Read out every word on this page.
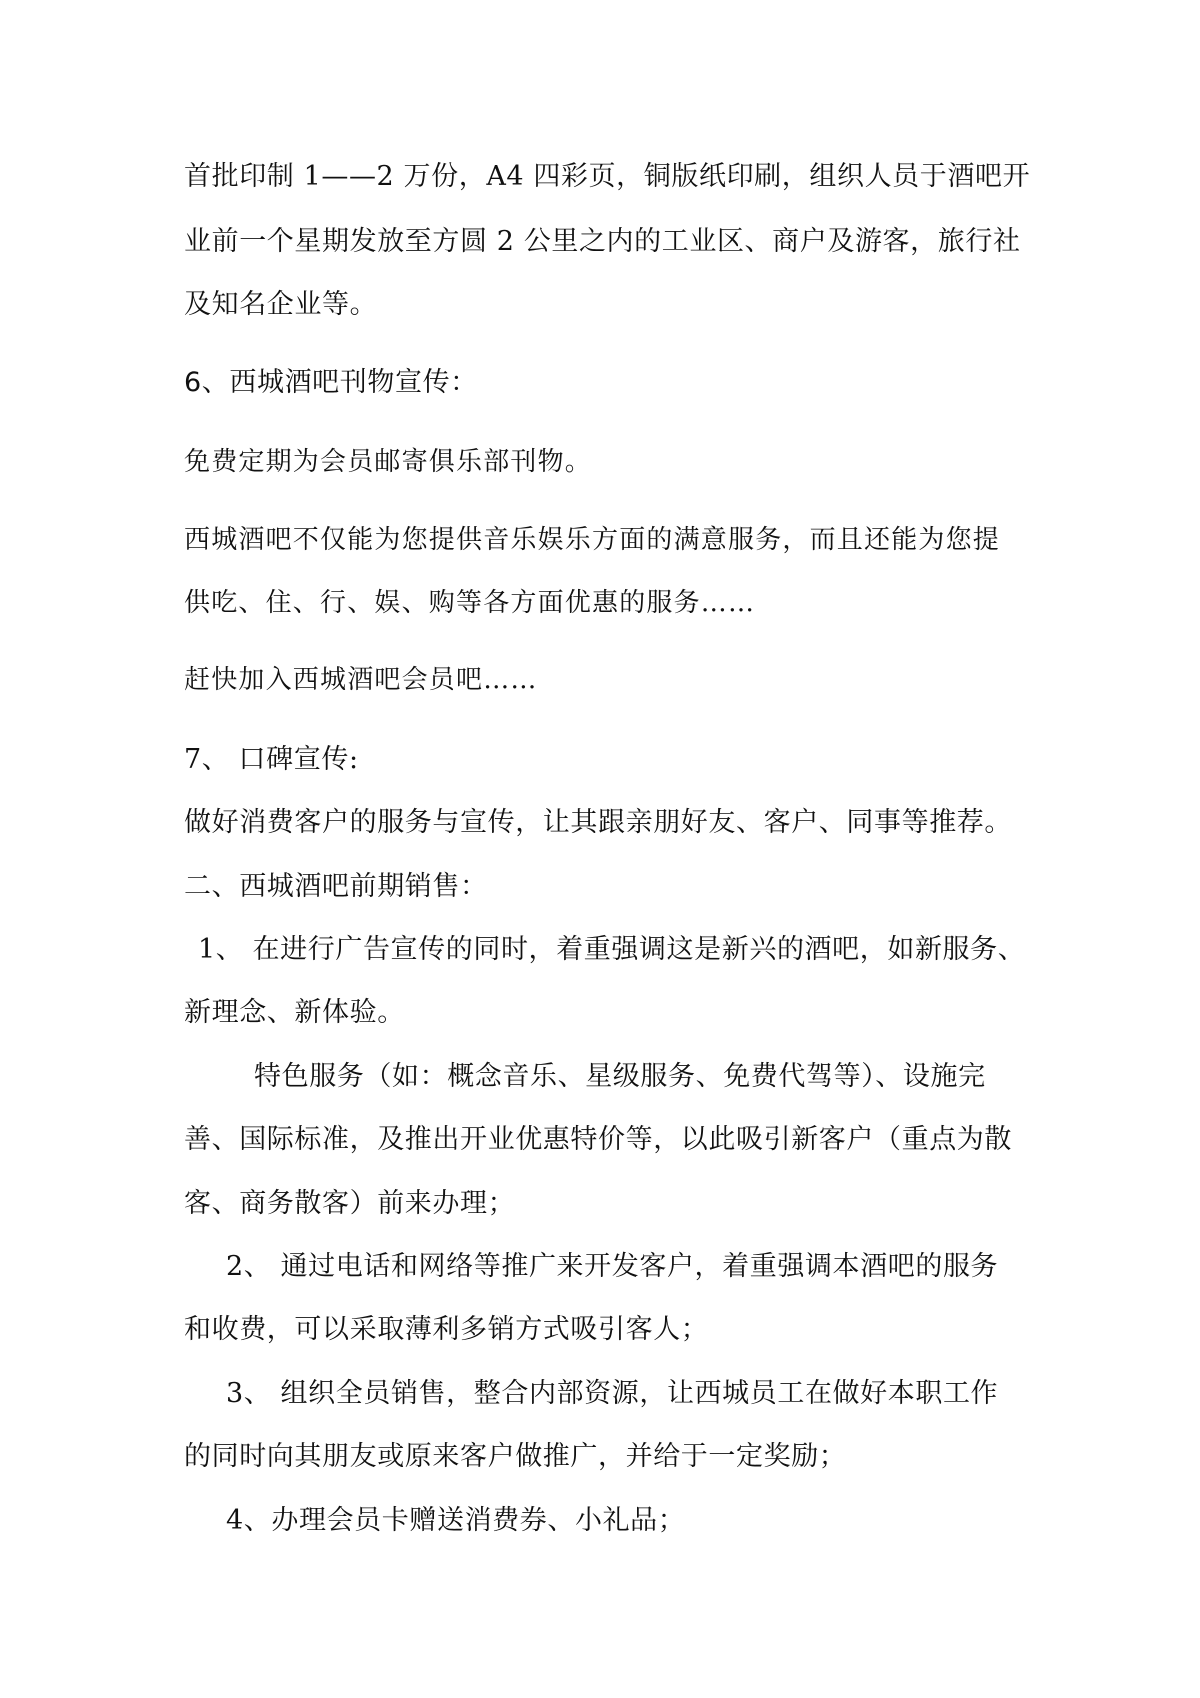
首批印制 1——2 万份，A4 四彩页，铜版纸印刷，组织人员于酒吧开
业前一个星期发放至方圆 2 公里之内的工业区、商户及游客，旅行社
及知名企业等。
6、西城酒吧刊物宣传：
免费定期为会员邮寄俱乐部刊物。
西城酒吧不仅能为您提供音乐娱乐方面的满意服务，而且还能为您提
供吃、住、行、娱、购等各方面优惠的服务……
赶快加入西城酒吧会员吧……
7、 口碑宣传:
做好消费客户的服务与宣传，让其跟亲朋好友、客户、同事等推荐。
二、西城酒吧前期销售：
1、 在进行广告宣传的同时，着重强调这是新兴的酒吧，如新服务、
新理念、新体验。
特色服务（如：概念音乐、星级服务、免费代驾等）、设施完
善、国际标准，及推出开业优惠特价等，以此吸引新客户（重点为散
客、商务散客）前来办理；
2、 通过电话和网络等推广来开发客户，着重强调本酒吧的服务
和收费，可以采取薄利多销方式吸引客人；
3、 组织全员销售，整合内部资源，让西城员工在做好本职工作
的同时向其朋友或原来客户做推广，并给于一定奖励；
4、办理会员卡赠送消费券、小礼品；
